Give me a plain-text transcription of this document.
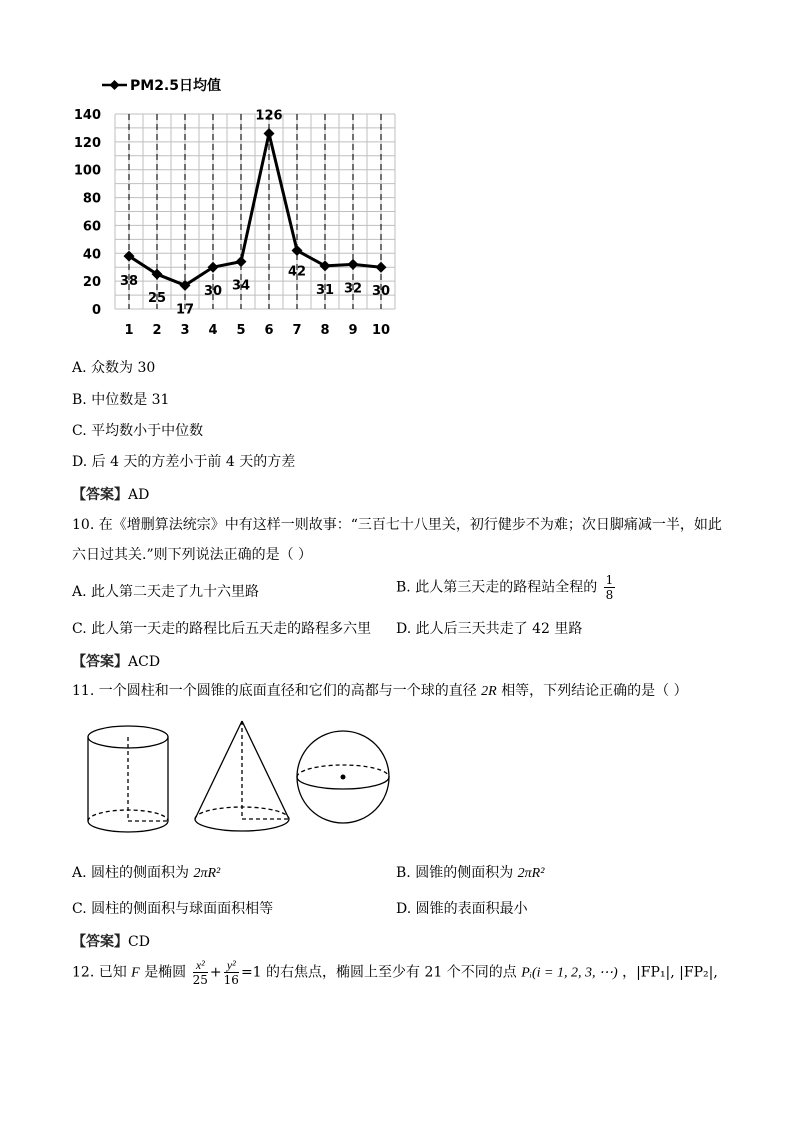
PM2.5日均值
0
20
40
60
80
100
120
140
1 2 3 4 5 6 7 8 9 10
38
25
17
30 34
126
42
31 32 30
A. 众数为 30
B. 中位数是 31
C. 平均数小于中位数
D. 后 4 天的方差小于前 4 天的方差
【答案】AD
10. 在《增删算法统宗》中有这样一则故事：“三百七十八里关，初行健步不为难；次日脚痛减一半，如此
六日过其关.”则下列说法正确的是（ ）
A. 此人第二天走了九十六里路	B. 此人第三天走的路程站全程的 $\frac{1}{8}$
C. 此人第一天走的路程比后五天走的路程多六里 D. 此人后三天共走了 42 里路
【答案】ACD
11. 一个圆柱和一个圆锥的底面直径和它们的高都与一个球的直径 2R 相等，下列结论正确的是（ ）
A. 圆柱的侧面积为 2πR²	B. 圆锥的侧面积为 2πR²
C. 圆柱的侧面积与球面面积相等	D. 圆锥的表面积最小
【答案】CD
12. 已知 F 是椭圆 $\frac{\text{x²}}{25} + \frac{\text{y²}}{16} =1$ 的右焦点，椭圆上至少有 21 个不同的点 Pᵢ(i = 1, 2, 3, ⋯) ，|FP₁|, |FP₂|,
